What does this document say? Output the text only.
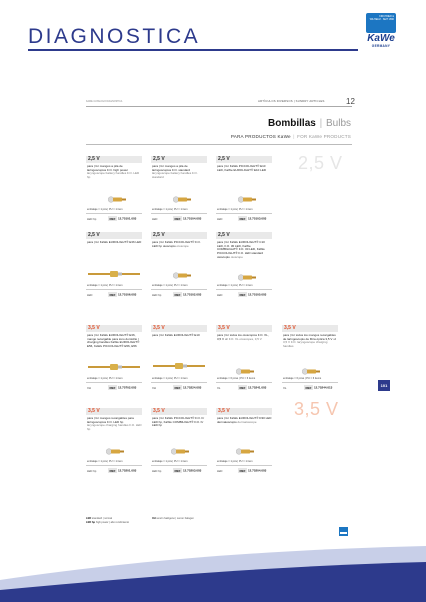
DIAGNOSTICA
KIRCHNER & WILHELM · SEIT 1890
KaWe
GERMANY
KAWE·CATALOGO DIAGNOSTICA	ARTÍCULOS DIVERSOS | SUNDRY ARTICLES	12
Bombillas | Bulbs
PARA PRODUCTOS KaWe | FOR KaWe PRODUCTS
2,5 V
3,5 V
2,5 V
para | for mangos a pila de laringoscopios F.O. high power laryngoscope battery handles F.O. LED hp
embalaje = 1 pza | PU = 1 item
LED hp	REF 12.75101.003
2,5 V
para | for mangos a pila de laringoscopios F.O. standard laryngoscope battery handles F.O. standard
embalaje = 1 pza | PU = 1 item
LED	REF 12.75104.003
2,5 V
para | for KaWe PICCOLIGHT® E10 LED, KaWe EUROLIGHT® E10 LED
embalaje = 1 pza | PU = 1 item
LED	REF 12.75103.003
2,5 V
para | for KaWe EUROLIGHT® E36 LED
embalaje = 1 pza | PU = 1 item
LED	REF 12.75106.003
2,5 V
para | for KaWe PICCOLIGHT® F.O. LED hp otoscopio otoscope
embalaje = 1 pza | PU = 1 item
LED hp	REF 12.75102.003
2,5 V
para | for KaWe EUROLIGHT® C10 LED, F.O. 30 LED, KaWe COMBILIGHT® F.O. 30 LED, KaWe PICCOLIGHT® F.O. LED standard otoscopio otoscope
embalaje = 1 pza | PU = 1 item
LED	REF 12.75105.003
3,5 V
para | for KaWe EUROLIGHT® E36, mango recargable para tono domicilio | charging handles KaWe EUROLIGHT® E56, KaWe PICCOLIGHT® E56, E56
embalaje = 1 pza | PU = 1 item
XH	REF 12.75702.003
3,5 V
para | for KaWe EUROLIGHT® E10
embalaje = 1 pza | PU = 1 item
XH	REF 12.75224.003
3,5 V
para | for todos los otoscopios F.O. XL, 3,5 V all F.O. XL otoscopes, 3,5 V
embalaje = 6 pzas | PU = 6 items
XL	REF 12.75241.003
3,5 V
para | for todos los mangos recargables de laringoscopio de fibra óptica 3,5 V all 3,5 V F.O. laryngoscope charging handles
embalaje = 6 pzas | PU = 6 items
XL	REF 12.75244.013
3,5 V
para | for mangos recargables para laringoscopios F.O. LED hp laryngoscope charging handles F.O. LED hp
embalaje = 1 pza | PU = 1 item
LED hp	REF 12.75201.003
3,5 V
para | for KaWe PICCOLIGHT® F.O. hr LED hp, KaWe COMBILIGHT® F.O. hr LED hp
embalaje = 1 pza | PU = 1 item
LED hp	REF 12.75203.003
3,5 V
para | for KaWe EUROLIGHT® D30 LED dermatoscopio dermatoscope
embalaje = 1 pza | PU = 1 item
LED	REF 12.75204.003
LED standard | normal
LED hp high power | alto rendimiento
XH xenón halógeno | xenon halogen
101
